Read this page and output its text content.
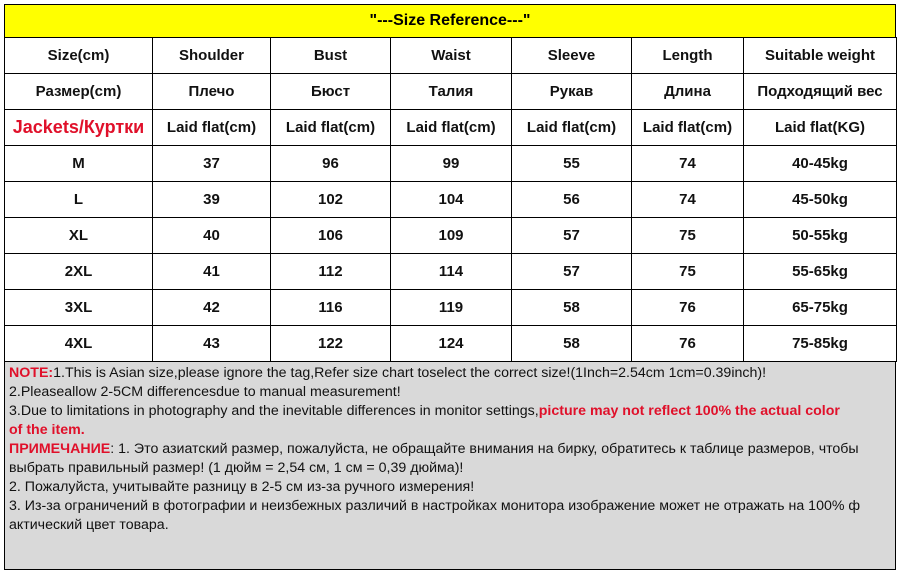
"---Size Reference---"
Size(cm)	Shoulder	Bust	Waist	Sleeve	Length	Suitable weight
Размер(cm)	Плечо	Бюст	Талия	Рукав	Длина	Подходящий вес
Jackets/Куртки	Laid flat(cm)	Laid flat(cm)	Laid flat(cm)	Laid flat(cm)	Laid flat(cm)	Laid flat(KG)
M	37	96	99	55	74	40-45kg
L	39	102	104	56	74	45-50kg
XL	40	106	109	57	75	50-55kg
2XL	41	112	114	57	75	55-65kg
3XL	42	116	119	58	76	65-75kg
4XL	43	122	124	58	76	75-85kg
NOTE:1.This is Asian size,please ignore the tag,Refer size chart toselect the correct size!(1Inch=2.54cm 1cm=0.39inch)!
2.Pleaseallow 2-5CM differencesdue to manual measurement!
3.Due to limitations in photography and the inevitable differences in monitor settings,picture may not reflect 100% the actual color
of the item.
ПРИМЕЧАНИЕ: 1. Это азиатский размер, пожалуйста, не обращайте внимания на бирку, обратитесь к таблице размеров, чтобы
выбрать правильный размер! (1 дюйм = 2,54 см, 1 см = 0,39 дюйма)!
2. Пожалуйста, учитывайте разницу в 2-5 см из-за ручного измерения!
3. Из-за ограничений в фотографии и неизбежных различий в настройках монитора изображение может не отражать на 100% ф
актический цвет товара.
